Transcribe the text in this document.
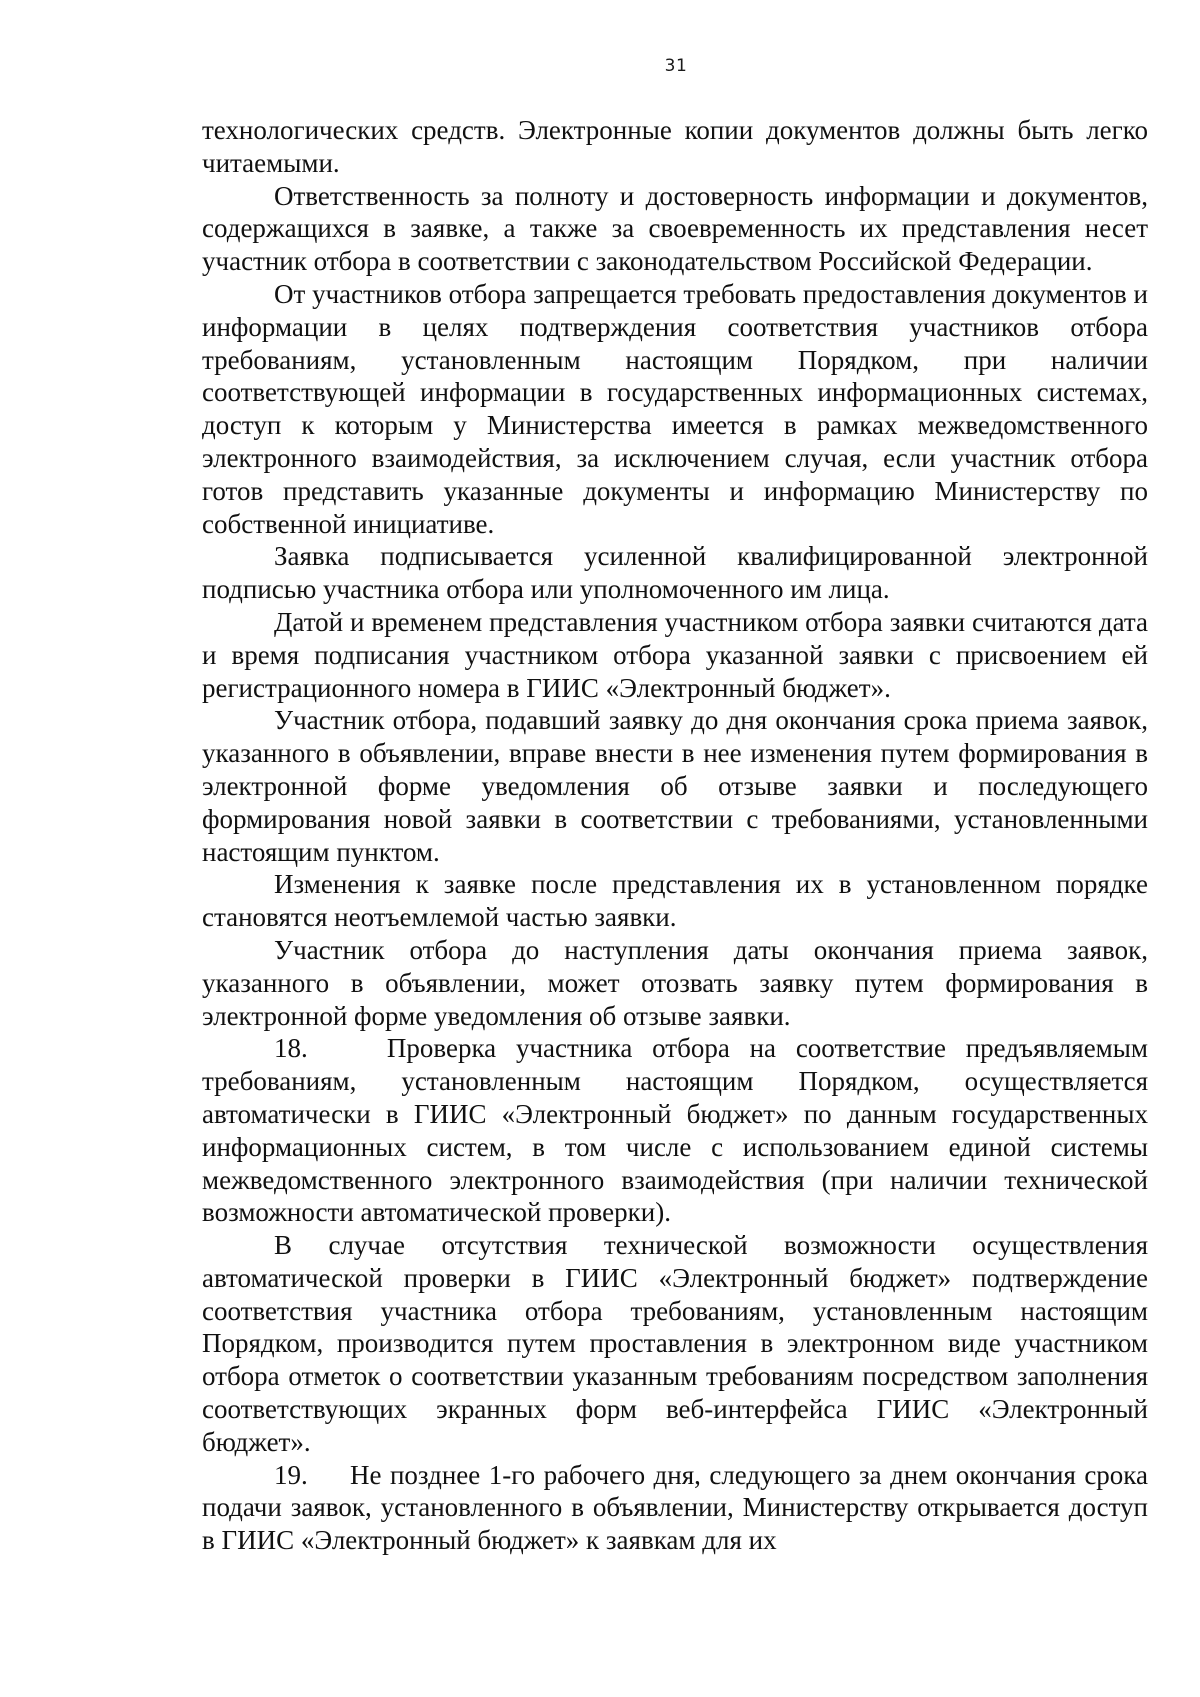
31

технологических средств. Электронные копии документов должны быть легко читаемыми.

Ответственность за полноту и достоверность информации и документов, содержащихся в заявке, а также за своевременность их представления несет участник отбора в соответствии с законодательством Российской Федерации.

От участников отбора запрещается требовать предоставления документов и информации в целях подтверждения соответствия участников отбора требованиям, установленным настоящим Порядком, при наличии соответствующей информации в государственных информационных системах, доступ к которым у Министерства имеется в рамках межведомственного электронного взаимодействия, за исключением случая, если участник отбора готов представить указанные документы и информацию Министерству по собственной инициативе.

Заявка подписывается усиленной квалифицированной электронной подписью участника отбора или уполномоченного им лица.

Датой и временем представления участником отбора заявки считаются дата и время подписания участником отбора указанной заявки с присвоением ей регистрационного номера в ГИИС «Электронный бюджет».

Участник отбора, подавший заявку до дня окончания срока приема заявок, указанного в объявлении, вправе внести в нее изменения путем формирования в электронной форме уведомления об отзыве заявки и последующего формирования новой заявки в соответствии с требованиями, установленными настоящим пунктом.

Изменения к заявке после представления их в установленном порядке становятся неотъемлемой частью заявки.

Участник отбора до наступления даты окончания приема заявок, указанного в объявлении, может отозвать заявку путем формирования в электронной форме уведомления об отзыве заявки.

18.    Проверка участника отбора на соответствие предъявляемым требованиям, установленным настоящим Порядком, осуществляется автоматически в ГИИС «Электронный бюджет» по данным государственных информационных систем, в том числе с использованием единой системы межведомственного электронного взаимодействия (при наличии технической возможности автоматической проверки).

В случае отсутствия технической возможности осуществления автоматической проверки в ГИИС «Электронный бюджет» подтверждение соответствия участника отбора требованиям, установленным настоящим Порядком, производится путем проставления в электронном виде участником отбора отметок о соответствии указанным требованиям посредством заполнения соответствующих экранных форм веб-интерфейса ГИИС «Электронный бюджет».

19.     Не позднее 1-го рабочего дня, следующего за днем окончания срока подачи заявок, установленного в объявлении, Министерству открывается доступ в ГИИС «Электронный бюджет» к заявкам для их
